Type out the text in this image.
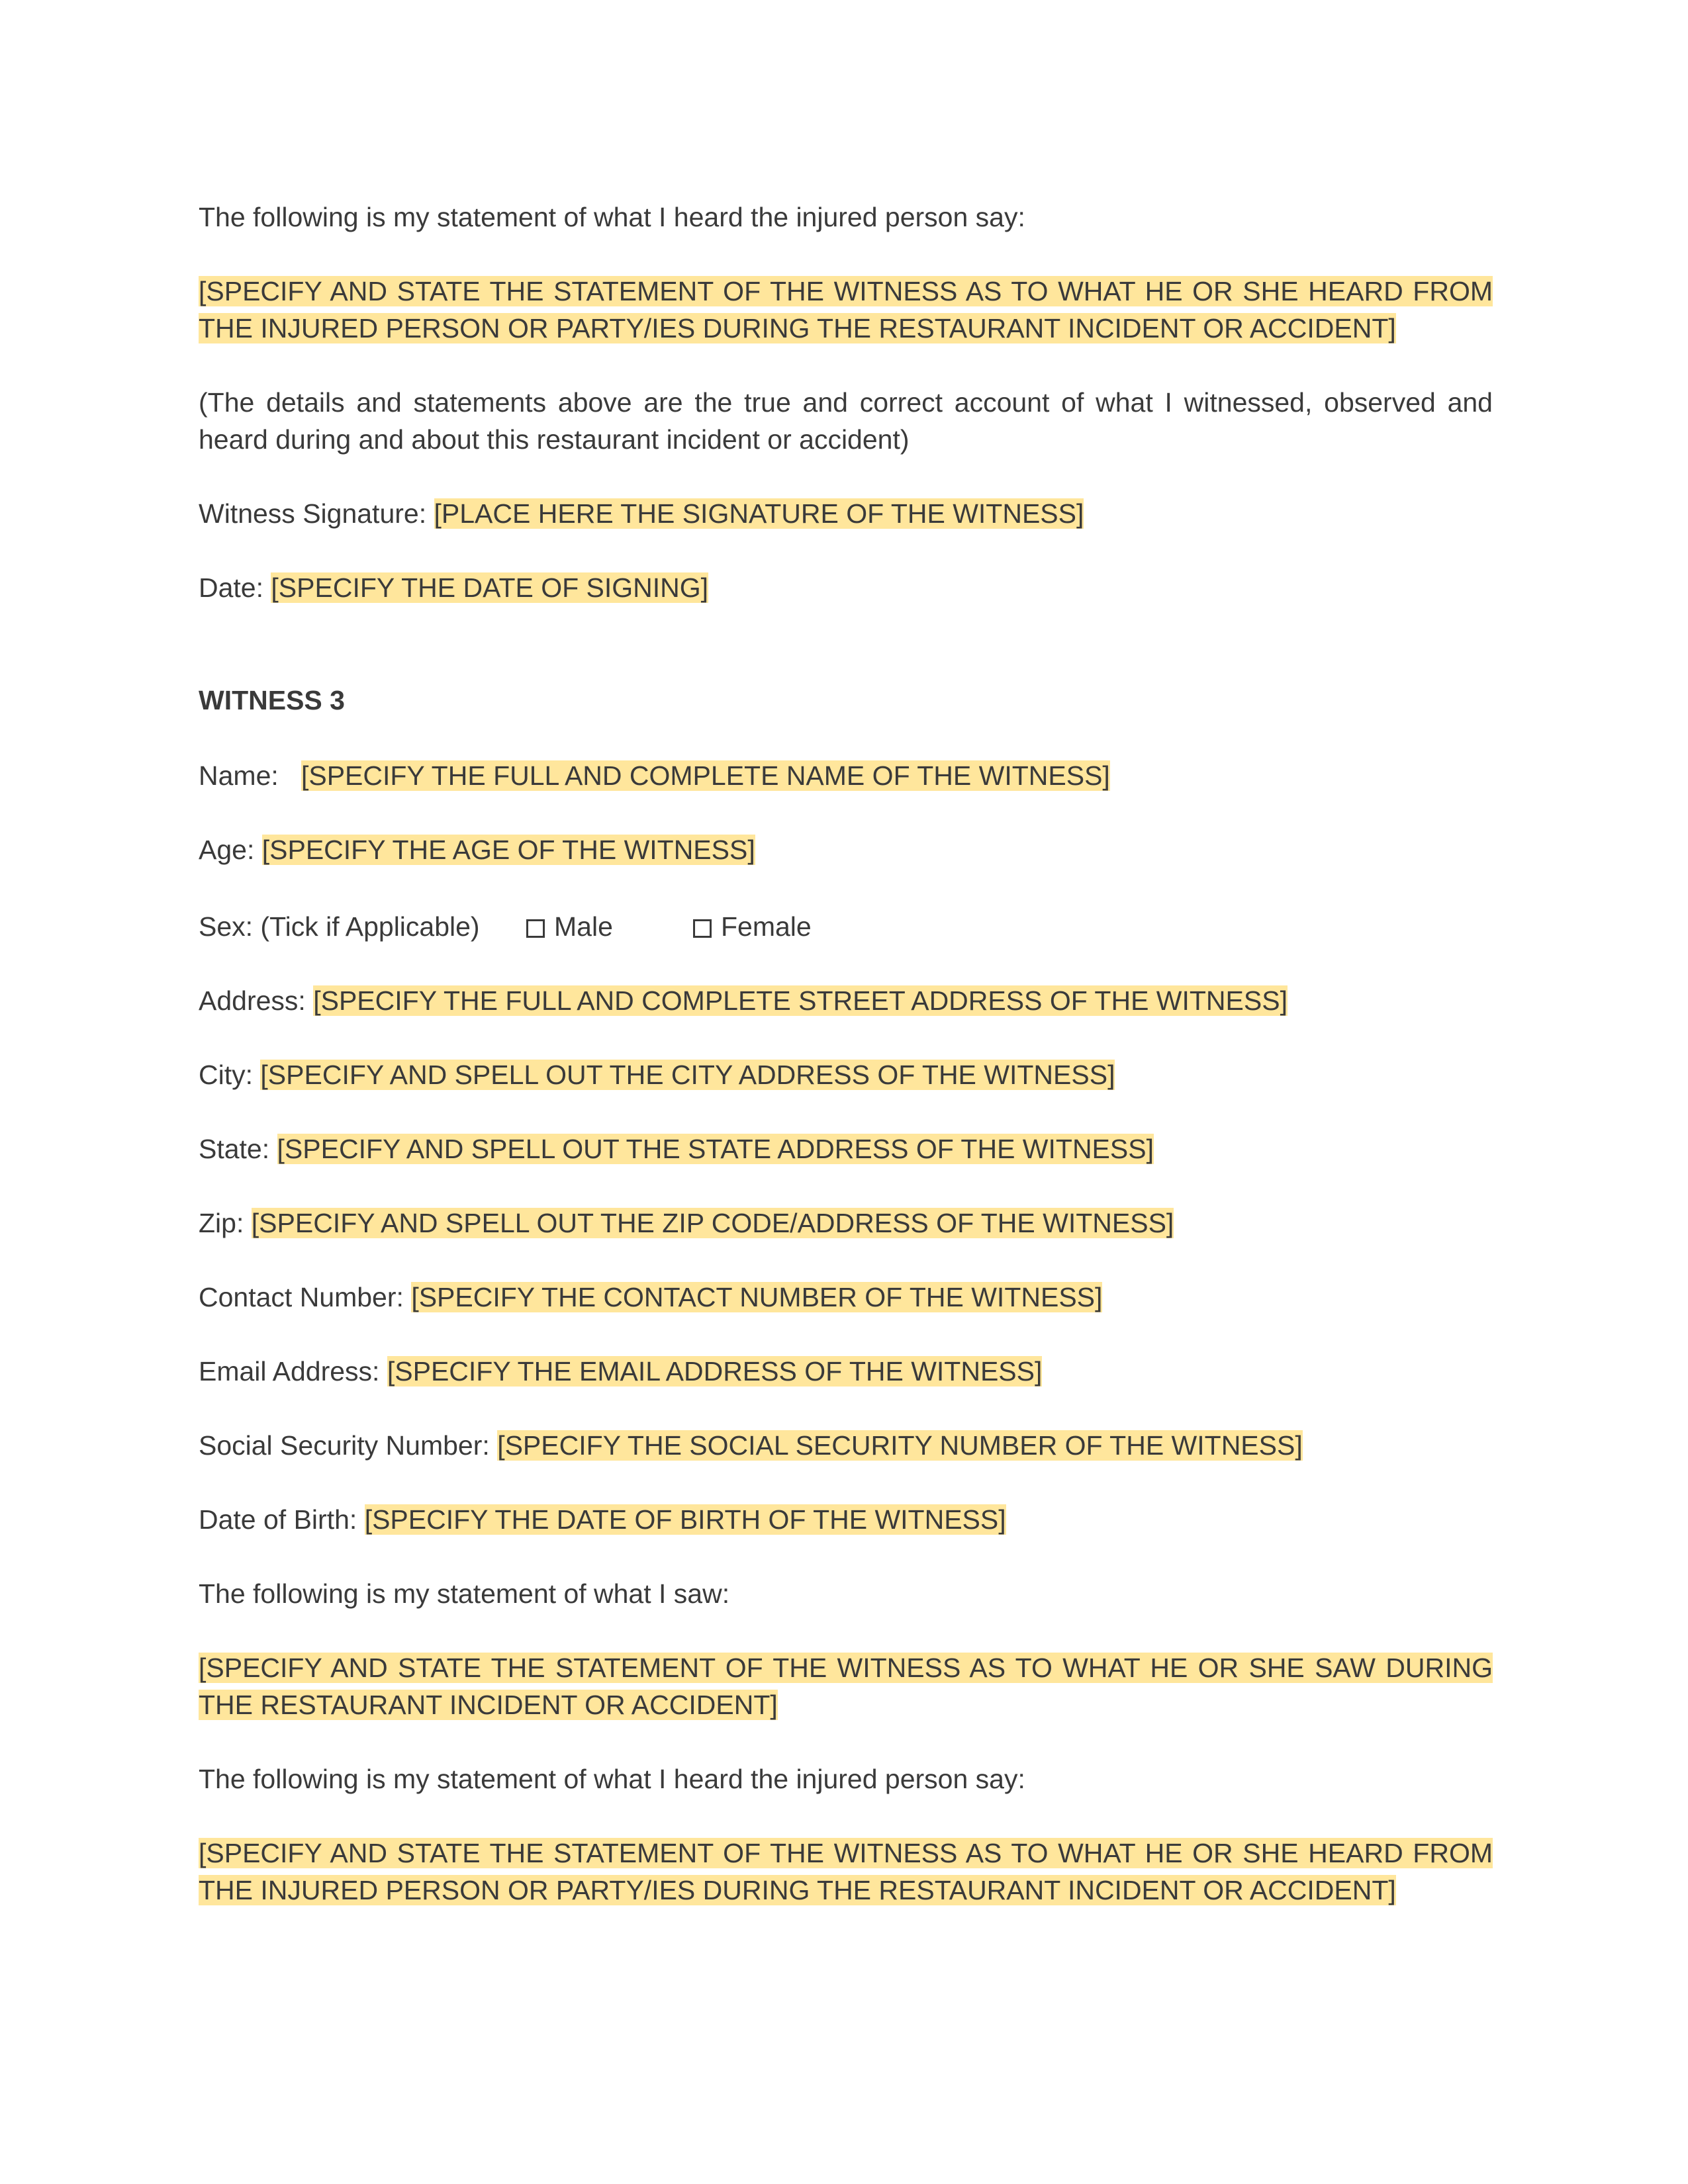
The following is my statement of what I heard the injured person say:

[SPECIFY AND STATE THE STATEMENT OF THE WITNESS AS TO WHAT HE OR SHE HEARD FROM THE INJURED PERSON OR PARTY/IES DURING THE RESTAURANT INCIDENT OR ACCIDENT]

(The details and statements above are the true and correct account of what I witnessed, observed and heard during and about this restaurant incident or accident)

Witness Signature: [PLACE HERE THE SIGNATURE OF THE WITNESS]

Date: [SPECIFY THE DATE OF SIGNING]

WITNESS 3

Name: [SPECIFY THE FULL AND COMPLETE NAME OF THE WITNESS]

Age: [SPECIFY THE AGE OF THE WITNESS]

Sex: (Tick if Applicable)	Male	Female

Address: [SPECIFY THE FULL AND COMPLETE STREET ADDRESS OF THE WITNESS]

City: [SPECIFY AND SPELL OUT THE CITY ADDRESS OF THE WITNESS]

State: [SPECIFY AND SPELL OUT THE STATE ADDRESS OF THE WITNESS]

Zip: [SPECIFY AND SPELL OUT THE ZIP CODE/ADDRESS OF THE WITNESS]

Contact Number: [SPECIFY THE CONTACT NUMBER OF THE WITNESS]

Email Address: [SPECIFY THE EMAIL ADDRESS OF THE WITNESS]

Social Security Number: [SPECIFY THE SOCIAL SECURITY NUMBER OF THE WITNESS]

Date of Birth: [SPECIFY THE DATE OF BIRTH OF THE WITNESS]

The following is my statement of what I saw:

[SPECIFY AND STATE THE STATEMENT OF THE WITNESS AS TO WHAT HE OR SHE SAW DURING THE RESTAURANT INCIDENT OR ACCIDENT]

The following is my statement of what I heard the injured person say:

[SPECIFY AND STATE THE STATEMENT OF THE WITNESS AS TO WHAT HE OR SHE HEARD FROM THE INJURED PERSON OR PARTY/IES DURING THE RESTAURANT INCIDENT OR ACCIDENT]
